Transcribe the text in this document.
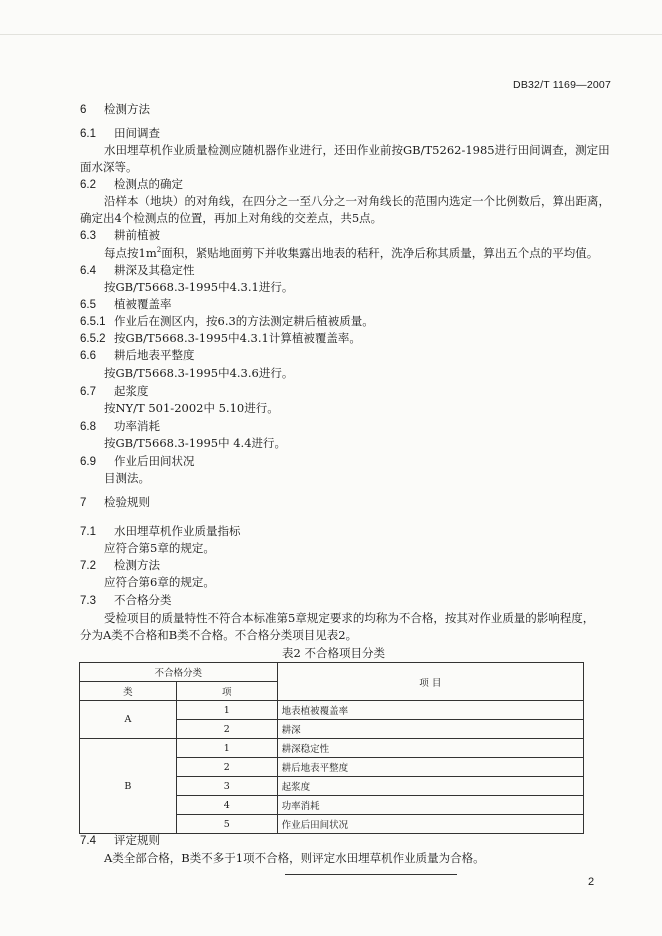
DB32/T 1169—2007
6 检测方法
6.1 田间调查
水田埋草机作业质量检测应随机器作业进行，还田作业前按GB/T5262-1985进行田间调查，测定田
面水深等。
6.2 检测点的确定
沿样本（地块）的对角线，在四分之一至八分之一对角线长的范围内选定一个比例数后，算出距离，
确定出4个检测点的位置，再加上对角线的交差点，共5点。
6.3 耕前植被
每点按$1m^2$面积，紧贴地面剪下并收集露出地表的秸秆，洗净后称其质量，算出五个点的平均值。
6.4 耕深及其稳定性
按GB/T5668.3-1995中4.3.1进行。
6.5 植被覆盖率
6.5.1 作业后在测区内，按6.3的方法测定耕后植被质量。
6.5.2 按GB/T5668.3-1995中4.3.1计算植被覆盖率。
6.6 耕后地表平整度
按GB/T5668.3-1995中4.3.6进行。
6.7 起浆度
按NY/T 501-2002中 5.10进行。
6.8 功率消耗
按GB/T5668.3-1995中 4.4进行。
6.9 作业后田间状况
目测法。
7 检验规则
7.1 水田埋草机作业质量指标
应符合第5章的规定。
7.2 检测方法
应符合第6章的规定。
7.3 不合格分类
受检项目的质量特性不符合本标准第5章规定要求的均称为不合格，按其对作业质量的影响程度，
分为A类不合格和B类不合格。不合格分类项目见表2。
表2 不合格项目分类
不合格分类		项 目
类	项	
A	1	地表植被覆盖率
	2	耕深
B	1	耕深稳定性
	2	耕后地表平整度
	3	起浆度
	4	功率消耗
	5	作业后田间状况
7.4 评定规则
A类全部合格，B类不多于1项不合格，则评定水田埋草机作业质量为合格。
2
